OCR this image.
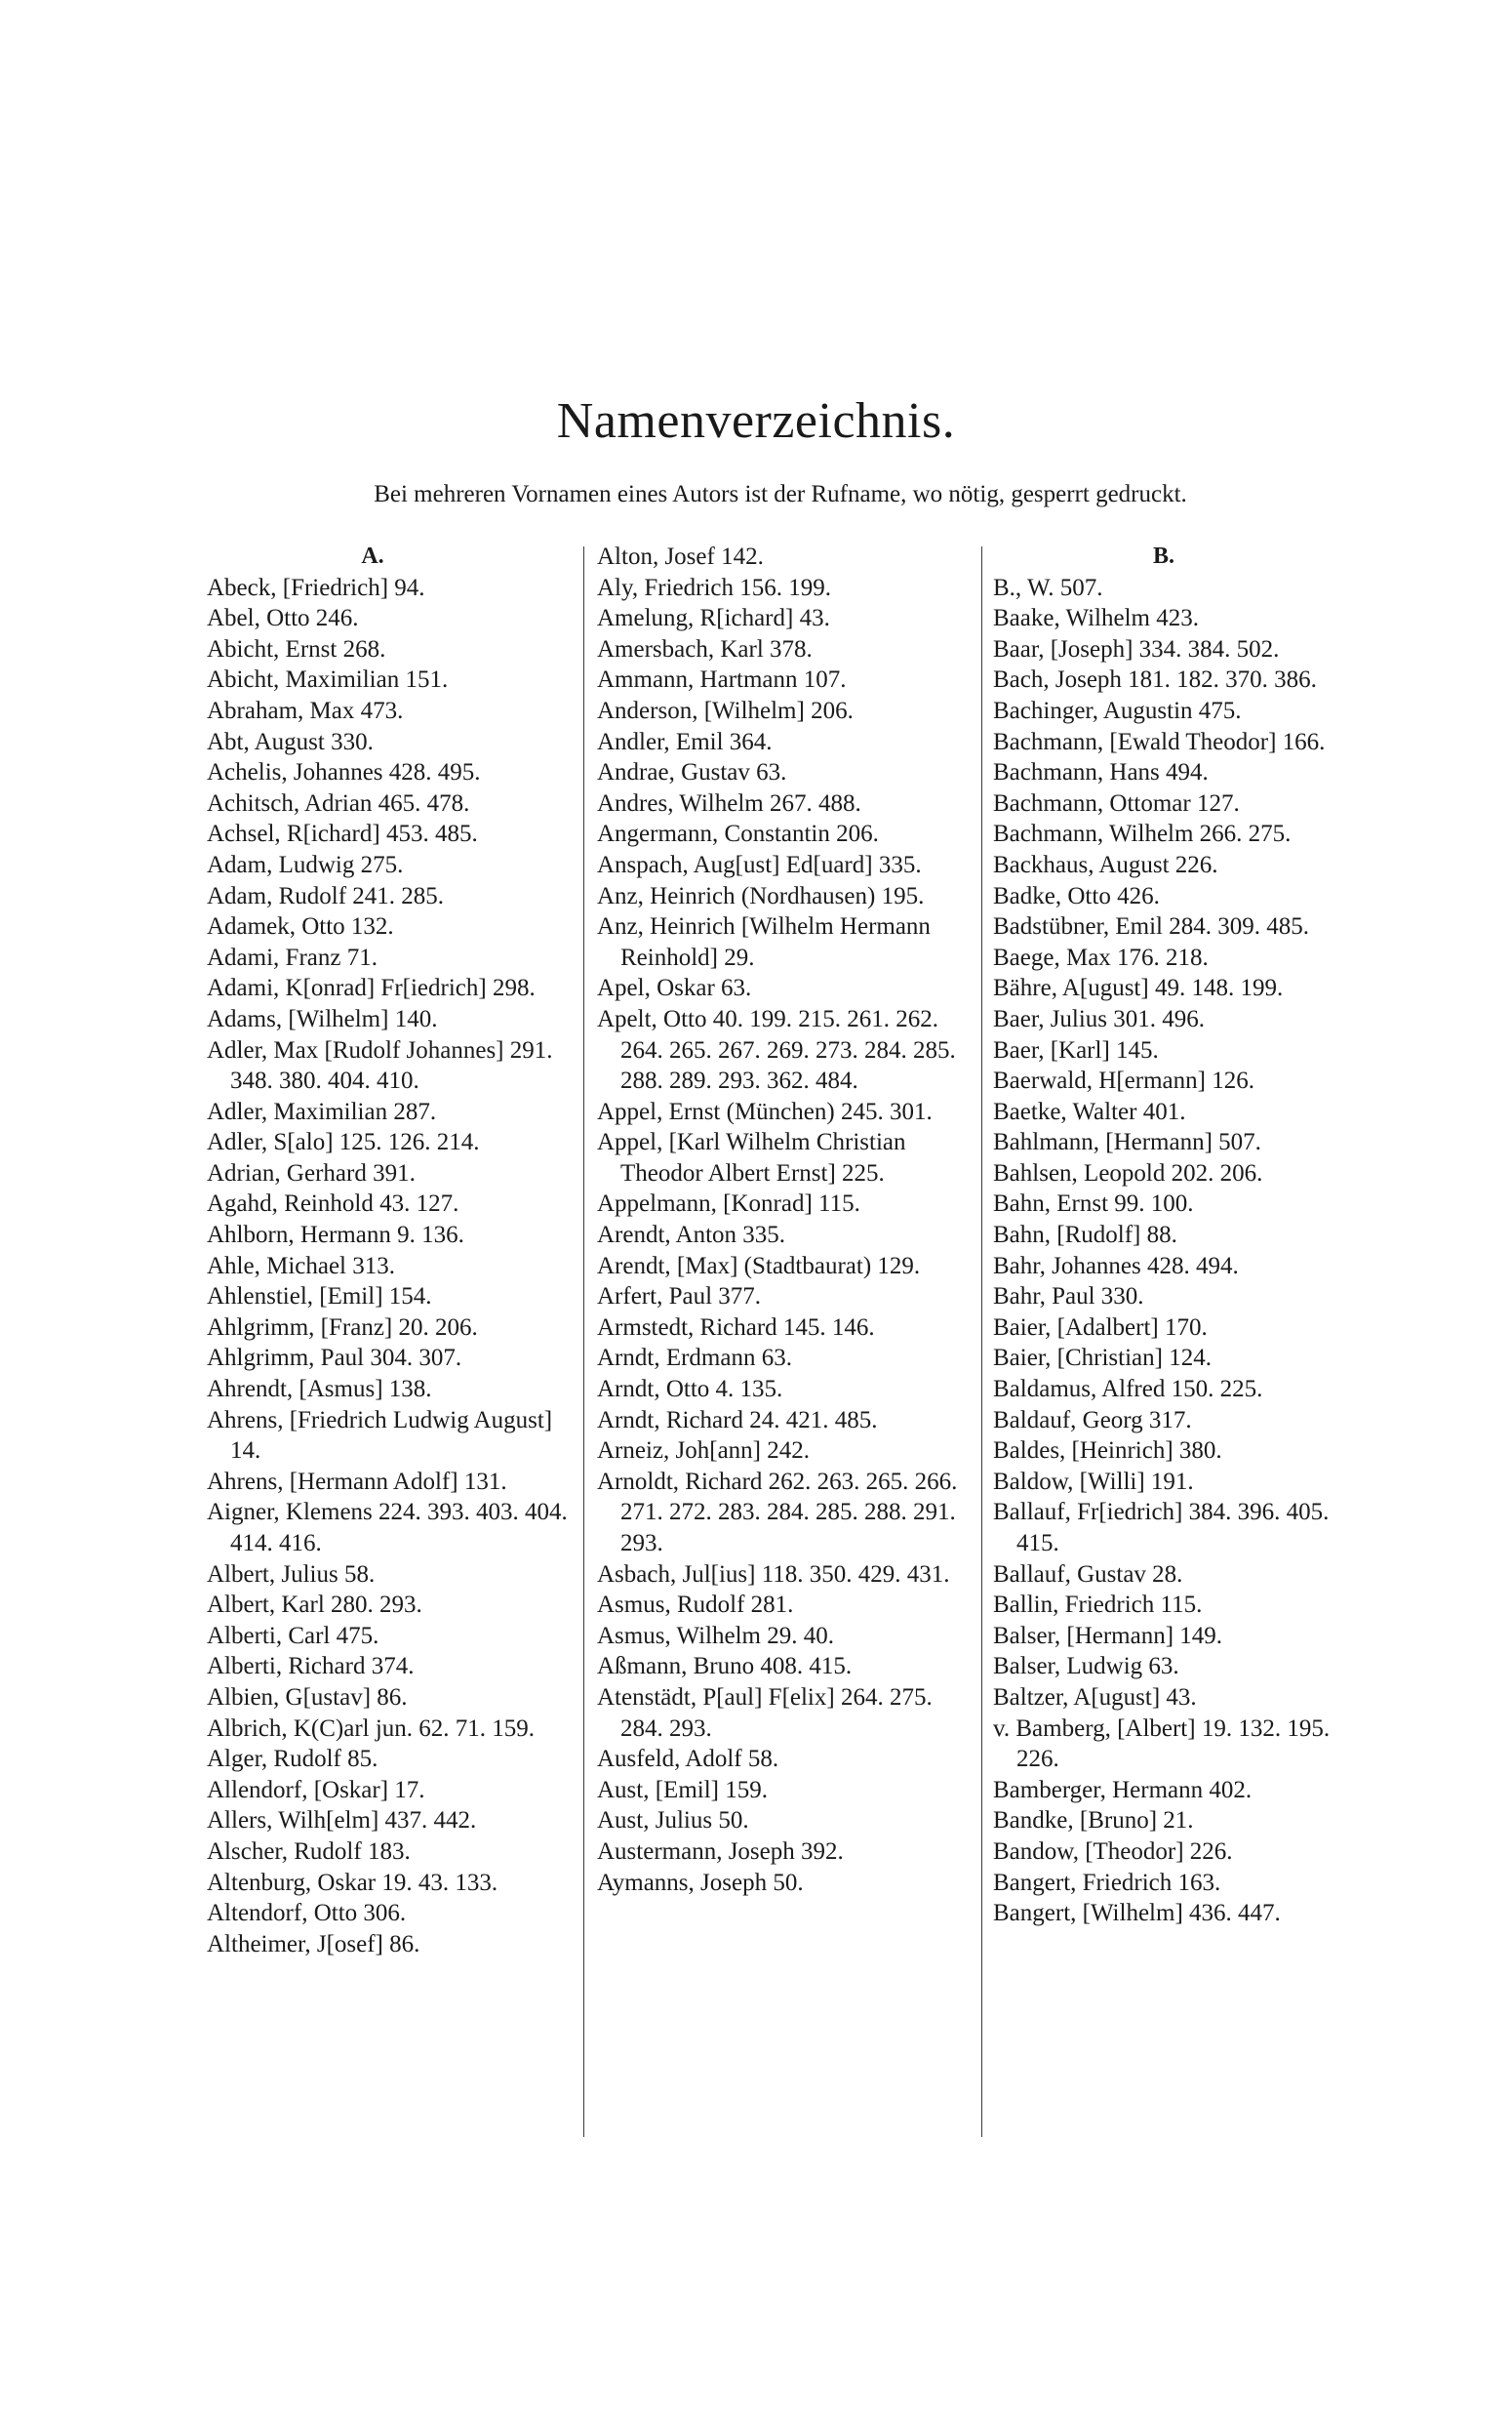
Namenverzeichnis.
Bei mehreren Vornamen eines Autors ist der Rufname, wo nötig, gesperrt gedruckt.
A.
Abeck, [Friedrich] 94.
Abel, Otto 246.
Abicht, Ernst 268.
Abicht, Maximilian 151.
Abraham, Max 473.
Abt, August 330.
Achelis, Johannes 428. 495.
Achitsch, Adrian 465. 478.
Achsel, R[ichard] 453. 485.
Adam, Ludwig 275.
Adam, Rudolf 241. 285.
Adamek, Otto 132.
Adami, Franz 71.
Adami, K[onrad] Fr[iedrich] 298.
Adams, [Wilhelm] 140.
Adler, Max [Rudolf Johannes] 291. 348. 380. 404. 410.
Adler, Maximilian 287.
Adler, S[alo] 125. 126. 214.
Adrian, Gerhard 391.
Agahd, Reinhold 43. 127.
Ahlborn, Hermann 9. 136.
Ahle, Michael 313.
Ahlenstiel, [Emil] 154.
Ahlgrimm, [Franz] 20. 206.
Ahlgrimm, Paul 304. 307.
Ahrendt, [Asmus] 138.
Ahrens, [Friedrich Ludwig August] 14.
Ahrens, [Hermann Adolf] 131.
Aigner, Klemens 224. 393. 403. 404. 414. 416.
Albert, Julius 58.
Albert, Karl 280. 293.
Alberti, Carl 475.
Alberti, Richard 374.
Albien, G[ustav] 86.
Albrich, K(C)arl jun. 62. 71. 159.
Alger, Rudolf 85.
Allendorf, [Oskar] 17.
Allers, Wilh[elm] 437. 442.
Alscher, Rudolf 183.
Altenburg, Oskar 19. 43. 133.
Altendorf, Otto 306.
Altheimer, J[osef] 86.
Alton, Josef 142.
Aly, Friedrich 156. 199.
Amelung, R[ichard] 43.
Amersbach, Karl 378.
Ammann, Hartmann 107.
Anderson, [Wilhelm] 206.
Andler, Emil 364.
Andrae, Gustav 63.
Andres, Wilhelm 267. 488.
Angermann, Constantin 206.
Anspach, Aug[ust] Ed[uard] 335.
Anz, Heinrich (Nordhausen) 195.
Anz, Heinrich [Wilhelm Hermann Reinhold] 29.
Apel, Oskar 63.
Apelt, Otto 40. 199. 215. 261. 262. 264. 265. 267. 269. 273. 284. 285. 288. 289. 293. 362. 484.
Appel, Ernst (München) 245. 301.
Appel, [Karl Wilhelm Christian Theodor Albert Ernst] 225.
Appelmann, [Konrad] 115.
Arendt, Anton 335.
Arendt, [Max] (Stadtbaurat) 129.
Arfert, Paul 377.
Armstedt, Richard 145. 146.
Arndt, Erdmann 63.
Arndt, Otto 4. 135.
Arndt, Richard 24. 421. 485.
Arneiz, Joh[ann] 242.
Arnoldt, Richard 262. 263. 265. 266. 271. 272. 283. 284. 285. 288. 291. 293.
Asbach, Jul[ius] 118. 350. 429. 431.
Asmus, Rudolf 281.
Asmus, Wilhelm 29. 40.
Aßmann, Bruno 408. 415.
Atenstädt, P[aul] F[elix] 264. 275. 284. 293.
Ausfeld, Adolf 58.
Aust, [Emil] 159.
Aust, Julius 50.
Austermann, Joseph 392.
Aymanns, Joseph 50.
B.
B., W. 507.
Baake, Wilhelm 423.
Baar, [Joseph] 334. 384. 502.
Bach, Joseph 181. 182. 370. 386.
Bachinger, Augustin 475.
Bachmann, [Ewald Theodor] 166.
Bachmann, Hans 494.
Bachmann, Ottomar 127.
Bachmann, Wilhelm 266. 275.
Backhaus, August 226.
Badke, Otto 426.
Badstübner, Emil 284. 309. 485.
Baege, Max 176. 218.
Bähre, A[ugust] 49. 148. 199.
Baer, Julius 301. 496.
Baer, [Karl] 145.
Baerwald, H[ermann] 126.
Baetke, Walter 401.
Bahlmann, [Hermann] 507.
Bahlsen, Leopold 202. 206.
Bahn, Ernst 99. 100.
Bahn, [Rudolf] 88.
Bahr, Johannes 428. 494.
Bahr, Paul 330.
Baier, [Adalbert] 170.
Baier, [Christian] 124.
Baldamus, Alfred 150. 225.
Baldauf, Georg 317.
Baldes, [Heinrich] 380.
Baldow, [Willi] 191.
Ballauf, Fr[iedrich] 384. 396. 405. 415.
Ballauf, Gustav 28.
Ballin, Friedrich 115.
Balser, [Hermann] 149.
Balser, Ludwig 63.
Baltzer, A[ugust] 43.
v. Bamberg, [Albert] 19. 132. 195. 226.
Bamberger, Hermann 402.
Bandke, [Bruno] 21.
Bandow, [Theodor] 226.
Bangert, Friedrich 163.
Bangert, [Wilhelm] 436. 447.
